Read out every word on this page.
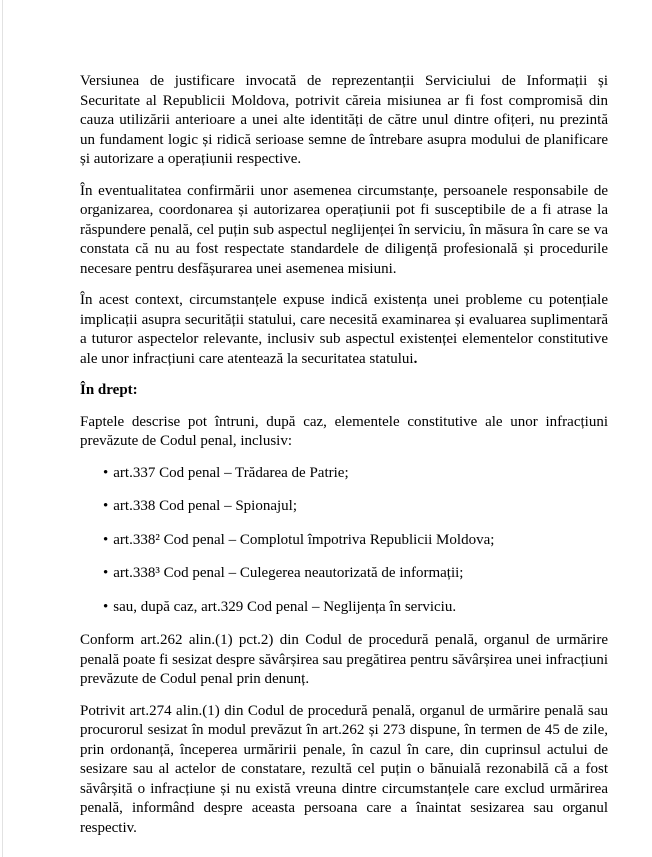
Versiunea de justificare invocată de reprezentanții Serviciului de Informații și Securitate al Republicii Moldova, potrivit căreia misiunea ar fi fost compromisă din cauza utilizării anterioare a unei alte identități de către unul dintre ofițeri, nu prezintă un fundament logic și ridică serioase semne de întrebare asupra modului de planificare și autorizare a operațiunii respective.

În eventualitatea confirmării unor asemenea circumstanțe, persoanele responsabile de organizarea, coordonarea și autorizarea operațiunii pot fi susceptibile de a fi atrase la răspundere penală, cel puțin sub aspectul neglijenței în serviciu, în măsura în care se va constata că nu au fost respectate standardele de diligență profesională și procedurile necesare pentru desfășurarea unei asemenea misiuni.

În acest context, circumstanțele expuse indică existența unei probleme cu potențiale implicații asupra securității statului, care necesită examinarea și evaluarea suplimentară a tuturor aspectelor relevante, inclusiv sub aspectul existenței elementelor constitutive ale unor infracțiuni care atentează la securitatea statului.

În drept:

Faptele descrise pot întruni, după caz, elementele constitutive ale unor infracțiuni prevăzute de Codul penal, inclusiv:

• art.337 Cod penal – Trădarea de Patrie;
• art.338 Cod penal – Spionajul;
• art.338² Cod penal – Complotul împotriva Republicii Moldova;
• art.338³ Cod penal – Culegerea neautorizată de informații;
• sau, după caz, art.329 Cod penal – Neglijența în serviciu.

Conform art.262 alin.(1) pct.2) din Codul de procedură penală, organul de urmărire penală poate fi sesizat despre săvârșirea sau pregătirea pentru săvârșirea unei infracțiuni prevăzute de Codul penal prin denunț.

Potrivit art.274 alin.(1) din Codul de procedură penală, organul de urmărire penală sau procurorul sesizat în modul prevăzut în art.262 și 273 dispune, în termen de 45 de zile, prin ordonanță, începerea urmăririi penale, în cazul în care, din cuprinsul actului de sesizare sau al actelor de constatare, rezultă cel puțin o bănuială rezonabilă că a fost săvârșită o infracțiune și nu există vreuna dintre circumstanțele care exclud urmărirea penală, informând despre aceasta persoana care a înaintat sesizarea sau organul respectiv.
